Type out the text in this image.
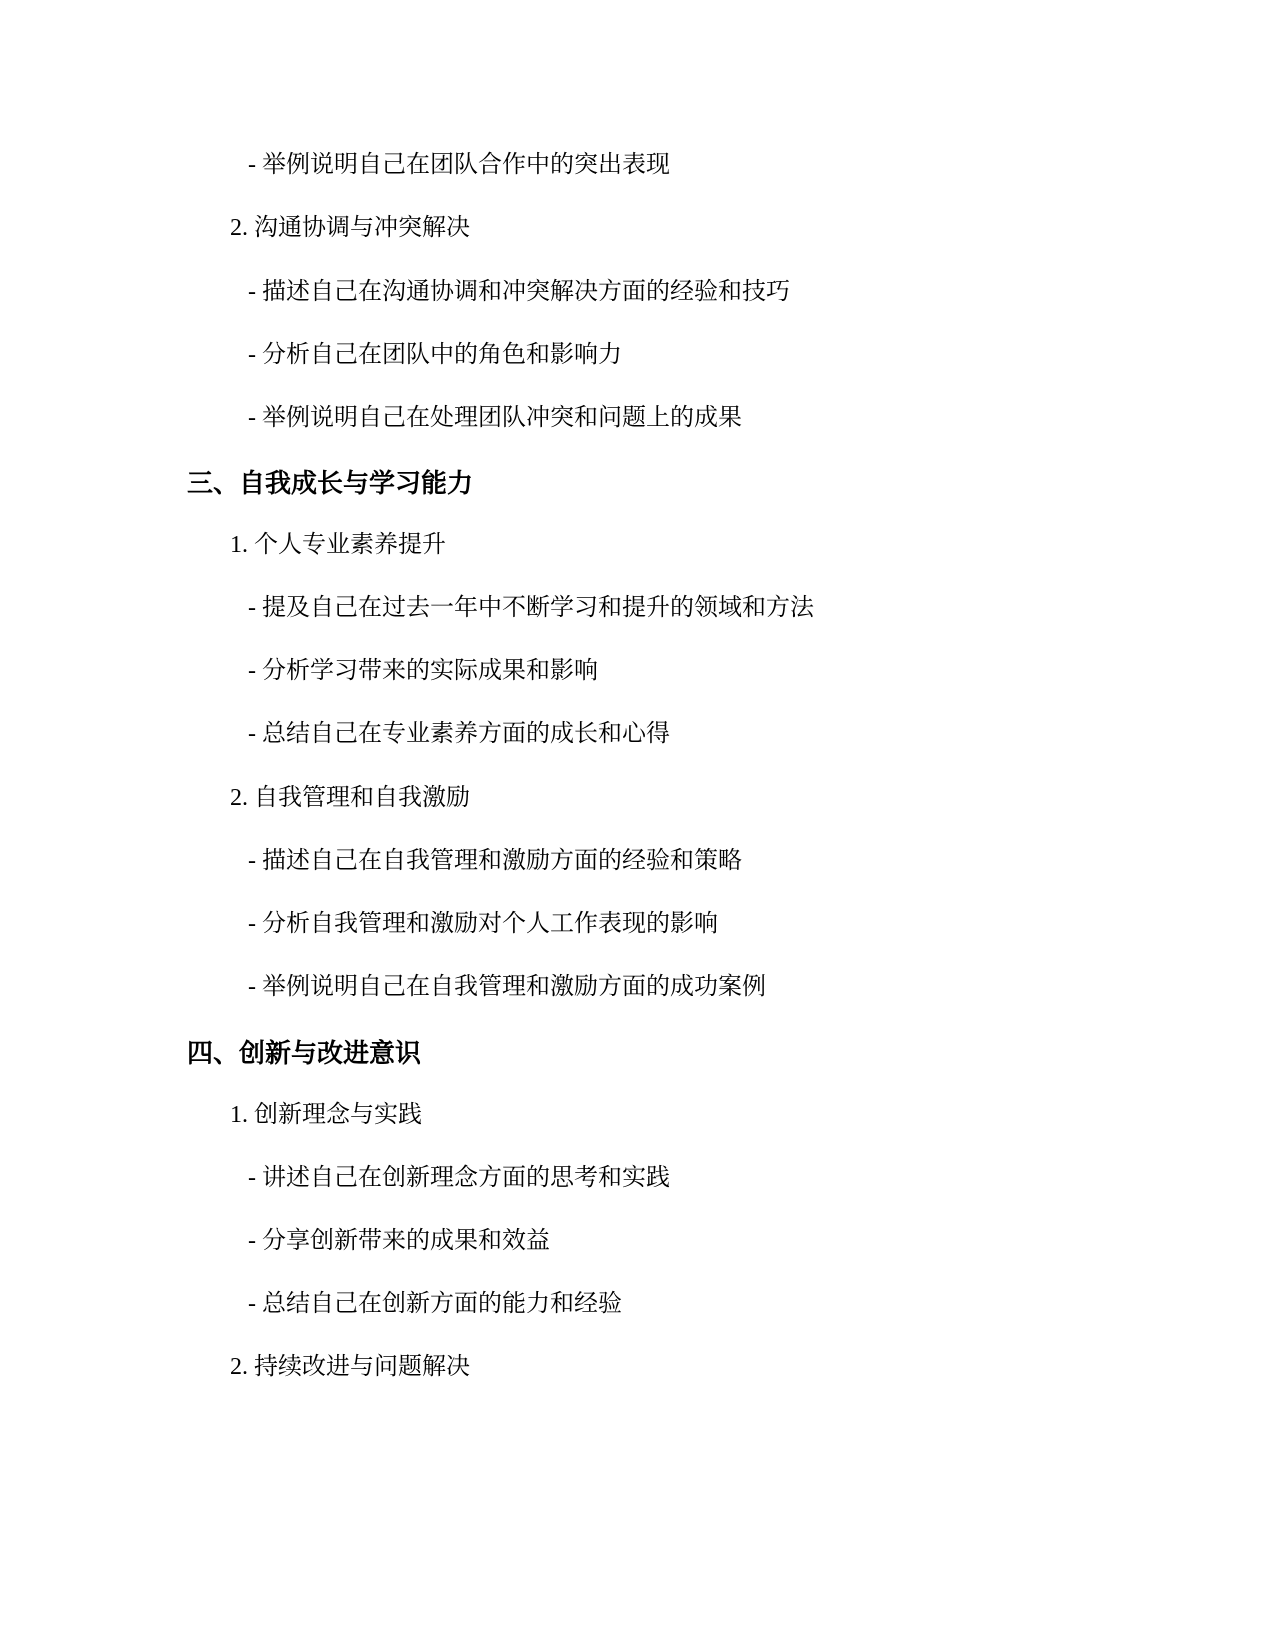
- 举例说明自己在团队合作中的突出表现
2. 沟通协调与冲突解决
- 描述自己在沟通协调和冲突解决方面的经验和技巧
- 分析自己在团队中的角色和影响力
- 举例说明自己在处理团队冲突和问题上的成果
三、自我成长与学习能力
1. 个人专业素养提升
- 提及自己在过去一年中不断学习和提升的领域和方法
- 分析学习带来的实际成果和影响
- 总结自己在专业素养方面的成长和心得
2. 自我管理和自我激励
- 描述自己在自我管理和激励方面的经验和策略
- 分析自我管理和激励对个人工作表现的影响
- 举例说明自己在自我管理和激励方面的成功案例
四、创新与改进意识
1. 创新理念与实践
- 讲述自己在创新理念方面的思考和实践
- 分享创新带来的成果和效益
- 总结自己在创新方面的能力和经验
2. 持续改进与问题解决
